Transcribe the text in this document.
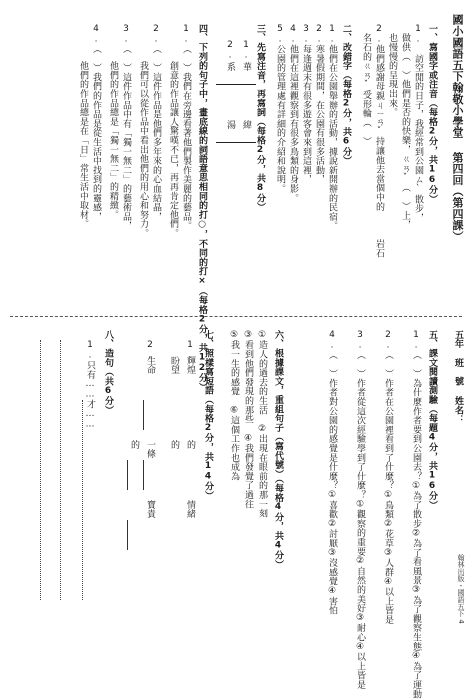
國小國語五下翰敬小學堂 第四回（第四課）
一、寫國字或注音（每格2分，共16分）
1.　訪空閒的日子，我經常到公園ㄙˋ散步，
　做供（　）他們是否的快樂，ㄍㄢˇ（　）上，
　也慢慢的呈現出來。
2.他們感謝母親ㄐㄧㄢˇ持讓他去當個中的　　　岩石
　名石的ㄍㄢˇ受形輪（　）
二、改錯字（每格2分，共6分）
1.他們在公園舉辦的活動，據說新開辦的民宿。
2.寒暑假期間，在公園有很多活動，
3.每逢週末有很多遊客會來到這裡，
4.他們在這裡觀察到有很多鳥類的身影。
5.公園的管理處有詳細的介紹和說明。
三、先寫注音，再寫詞（每格2分，共8分）
1.
華
緯
2.
系
湯
四、下列的句子中，畫底線的詞語意思相同的打○，不同的打×（每格2分，共12分）
1.（　）我們在旁邊看著他們製作美麗的藝品。
　　　　創意的作品讓人驚嘆不已，再再肯定他們。
2.（　）這件作品是他們多年來的心血結晶，
　　　　我們可以從作品中看出他們的用心和努力。
3.（　）這件作品中有「獨一無二」的藝術品，
　　　　他們的作品總是「獨一無二」的精緻。
4.（　）我們的作品是從生活中找到的靈感，
　　　　他們的作品總是在「日」常生活中取材。
五年　班　號 姓名：
五、課文閱讀測驗（每題4分，共16分）
1.（　）為什麼作者要到公園去？①為了散步②為了看風景③為了觀察生態④為了運動
2.（　）作者在公園裡看到了什麼？①鳥類②花草③人群④以上皆是
3.（　）作者從這次經驗學到了什麼？①觀察的重要②自然的美好③耐心④以上皆是
4.（　）作者對公園的感覺是什麼？①喜歡②討厭③沒感覺④害怕
六、根據課文，重組句子（寫代號）（每格4分，共4分）
①造人的過去的生活　②出現在眼前的那一刻
③看到他們發現的那些　④我們發覺了過往
⑤我一生的感覺　⑥這個工作也成為
七、照樣寫短語（每格2分，共14分）
1.
輝煌
的
情緒
盼望
的
2.
生命
一條
寶貴
的
八、造句（共6分）
1.只有……才……
翰林出版・國語五下 4
